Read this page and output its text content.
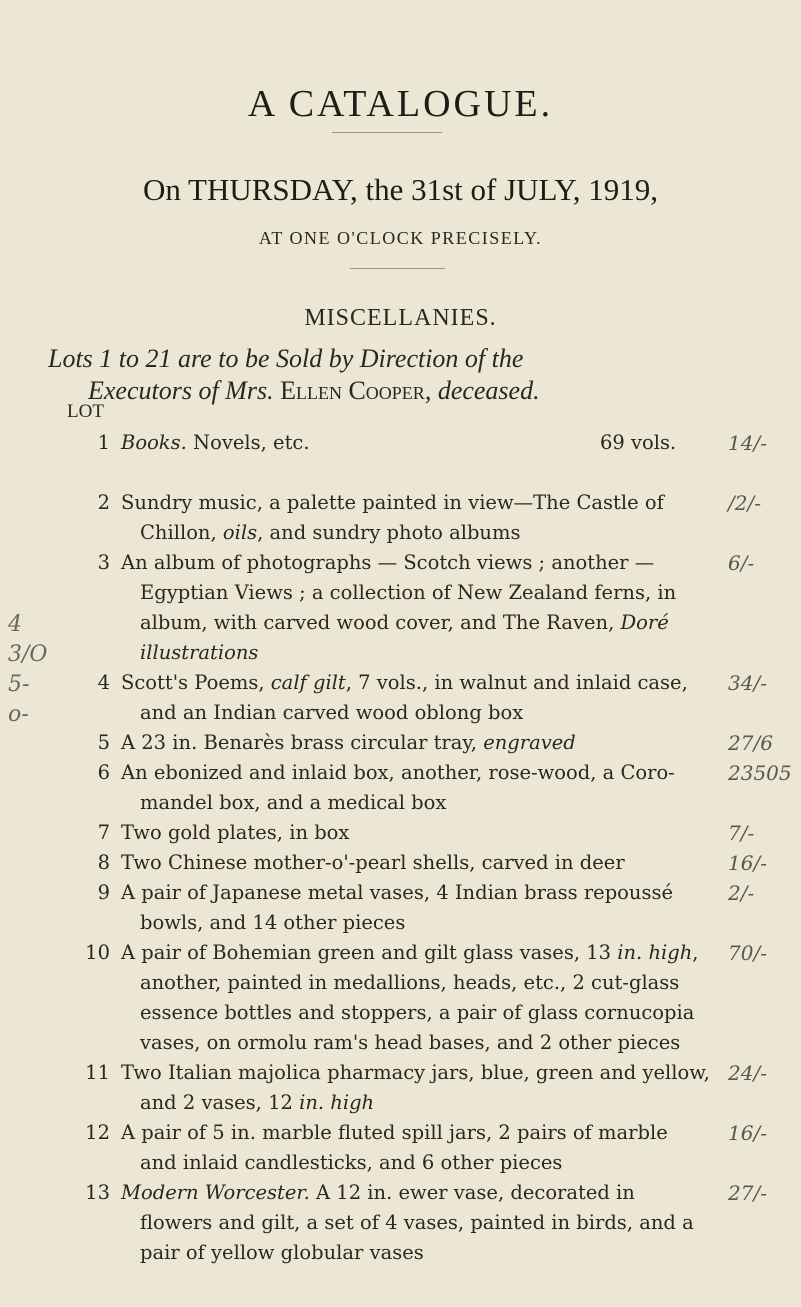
A CATALOGUE.
On THURSDAY, the 31st of JULY, 1919,
AT ONE O'CLOCK PRECISELY.
MISCELLANIES.
Lots 1 to 21 are to be Sold by Direction of the
Executors of Mrs. Ellen Cooper, deceased.
LOT
1 Books. Novels, etc.
	69 vols.	14/-
2 Sundry music, a palette painted in view—The Castle of
Chillon, oils, and sundry photo albums
/2/-
3 An album of photographs — Scotch views ; another —
Egyptian Views ; a collection of New Zealand ferns, in
album, with carved wood cover, and The Raven, Doré
illustrations
6/-
4 Scott's Poems, calf gilt, 7 vols., in walnut and inlaid case,
and an Indian carved wood oblong box
34/-
5 A 23 in. Benarès brass circular tray, engraved	27/6
6 An ebonized and inlaid box, another, rose-wood, a Coro-
mandel box, and a medical box
23505
7 Two gold plates, in box	7/-
8 Two Chinese mother-o'-pearl shells, carved in deer	16/-
9 A pair of Japanese metal vases, 4 Indian brass repoussé
bowls, and 14 other pieces
2/-
10 A pair of Bohemian green and gilt glass vases, 13 in. high,
another, painted in medallions, heads, etc., 2 cut-glass
essence bottles and stoppers, a pair of glass cornucopia
vases, on ormolu ram's head bases, and 2 other pieces
70/-
11 Two Italian majolica pharmacy jars, blue, green and yellow,
and 2 vases, 12 in. high
24/-
12 A pair of 5 in. marble fluted spill jars, 2 pairs of marble
and inlaid candlesticks, and 6 other pieces
16/-
13 Modern Worcester. A 12 in. ewer vase, decorated in
flowers and gilt, a set of 4 vases, painted in birds, and a
pair of yellow globular vases
27/-
4
3/O
5-
o-
